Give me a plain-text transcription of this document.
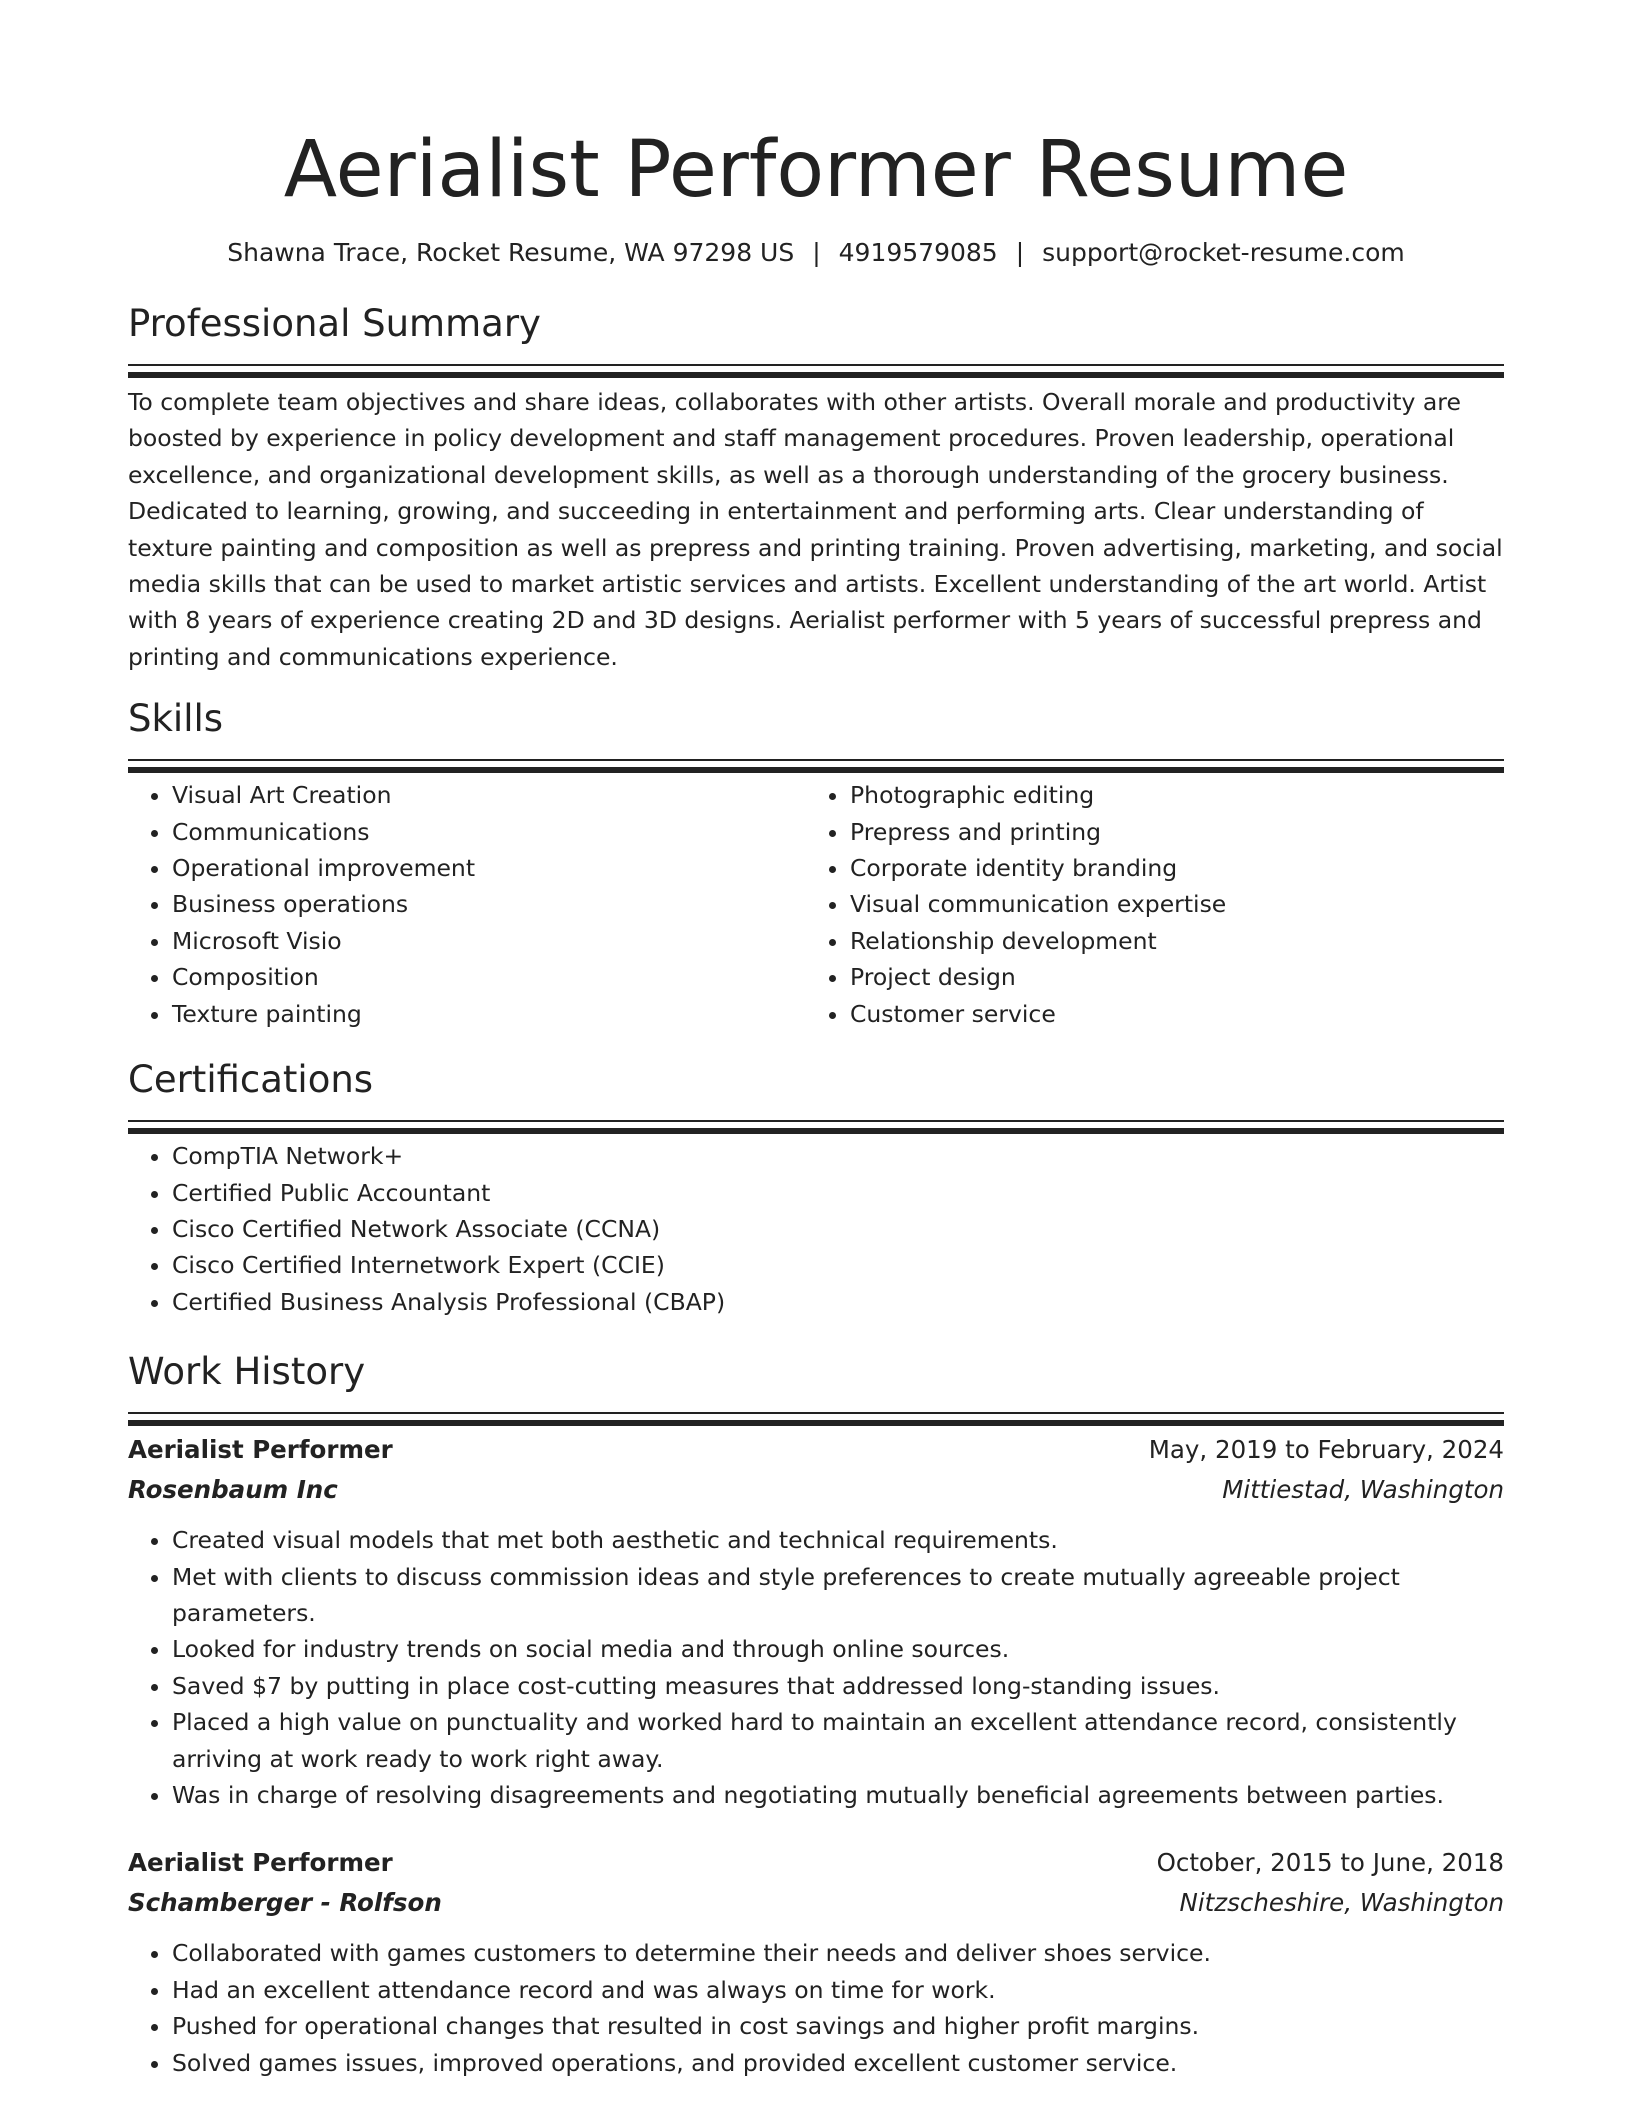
Aerialist Performer Resume
Shawna Trace, Rocket Resume, WA 97298 US | 4919579085 | support@rocket-resume.com
Professional Summary

To complete team objectives and share ideas, collaborates with other artists. Overall morale and productivity are boosted by experience in policy development and staff management procedures. Proven leadership, operational excellence, and organizational development skills, as well as a thorough understanding of the grocery business. Dedicated to learning, growing, and succeeding in entertainment and performing arts. Clear understanding of texture painting and composition as well as prepress and printing training. Proven advertising, marketing, and social media skills that can be used to market artistic services and artists. Excellent understanding of the art world. Artist with 8 years of experience creating 2D and 3D designs. Aerialist performer with 5 years of successful prepress and printing and communications experience.

Skills
• Visual Art Creation
• Communications
• Operational improvement
• Business operations
• Microsoft Visio
• Composition
• Texture painting
• Photographic editing
• Prepress and printing
• Corporate identity branding
• Visual communication expertise
• Relationship development
• Project design
• Customer service
Certifications
• CompTIA Network+
• Certified Public Accountant
• Cisco Certified Network Associate (CCNA)
• Cisco Certified Internetwork Expert (CCIE)
• Certified Business Analysis Professional (CBAP)
Work History
Aerialist Performer	May, 2019 to February, 2024
Rosenbaum Inc	Mittiestad, Washington
• Created visual models that met both aesthetic and technical requirements.
• Met with clients to discuss commission ideas and style preferences to create mutually agreeable project parameters.
• Looked for industry trends on social media and through online sources.
• Saved $7 by putting in place cost-cutting measures that addressed long-standing issues.
• Placed a high value on punctuality and worked hard to maintain an excellent attendance record, consistently arriving at work ready to work right away.
• Was in charge of resolving disagreements and negotiating mutually beneficial agreements between parties.
Aerialist Performer	October, 2015 to June, 2018
Schamberger - Rolfson	Nitzscheshire, Washington
• Collaborated with games customers to determine their needs and deliver shoes service.
• Had an excellent attendance record and was always on time for work.
• Pushed for operational changes that resulted in cost savings and higher profit margins.
• Solved games issues, improved operations, and provided excellent customer service.
